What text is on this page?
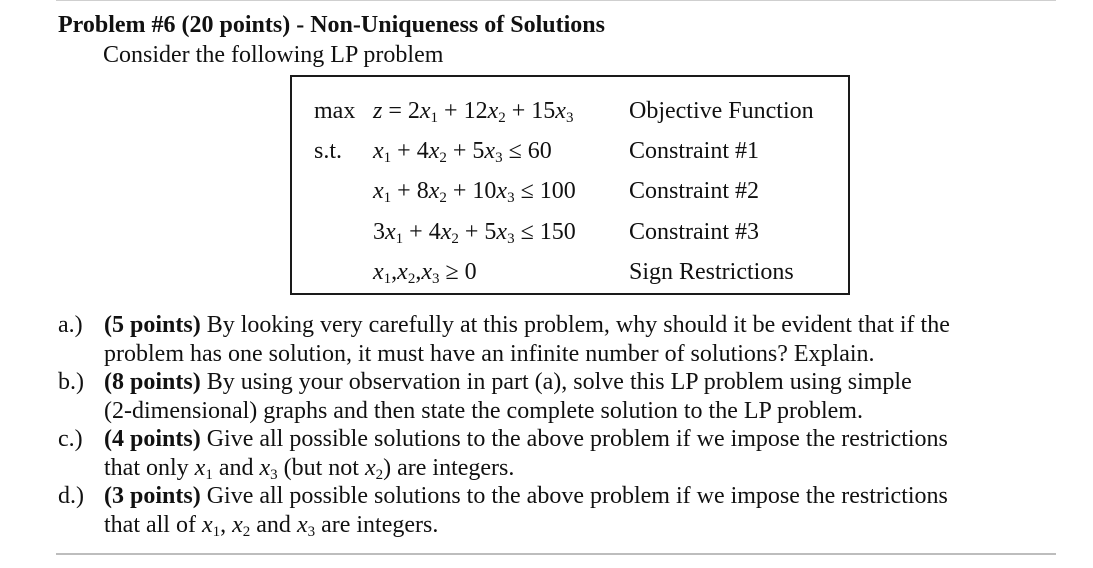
Problem #6 (20 points) - Non-Uniqueness of Solutions
Consider the following LP problem
$\max z = 2x_1 + 12x_2 + 15x_3$ Objective Function
s.t. $x_1 + 4x_2 + 5x_3 \le 60$	Constraint #1
$x_1 + 8x_2 + 10x_3 \le 100$ Constraint #2
$3x_1 + 4x_2 + 5x_3 \le 150$ Constraint #3
$x_1,x_2,x_3 \ge 0$	Sign Restrictions
a.) (5 points) By looking very carefully at this problem, why should it be evident that if the
problem has one solution, it must have an infinite number of solutions? Explain.
b.) (8 points) By using your observation in part (a), solve this LP problem using simple
(2-dimensional) graphs and then state the complete solution to the LP problem.
c.) (4 points) Give all possible solutions to the above problem if we impose the restrictions
that only $x_1$ and $x_3$ (but not $x_2$) are integers.
d.) (3 points) Give all possible solutions to the above problem if we impose the restrictions
that all of $x_1$, $x_2$ and $x_3$ are integers.
